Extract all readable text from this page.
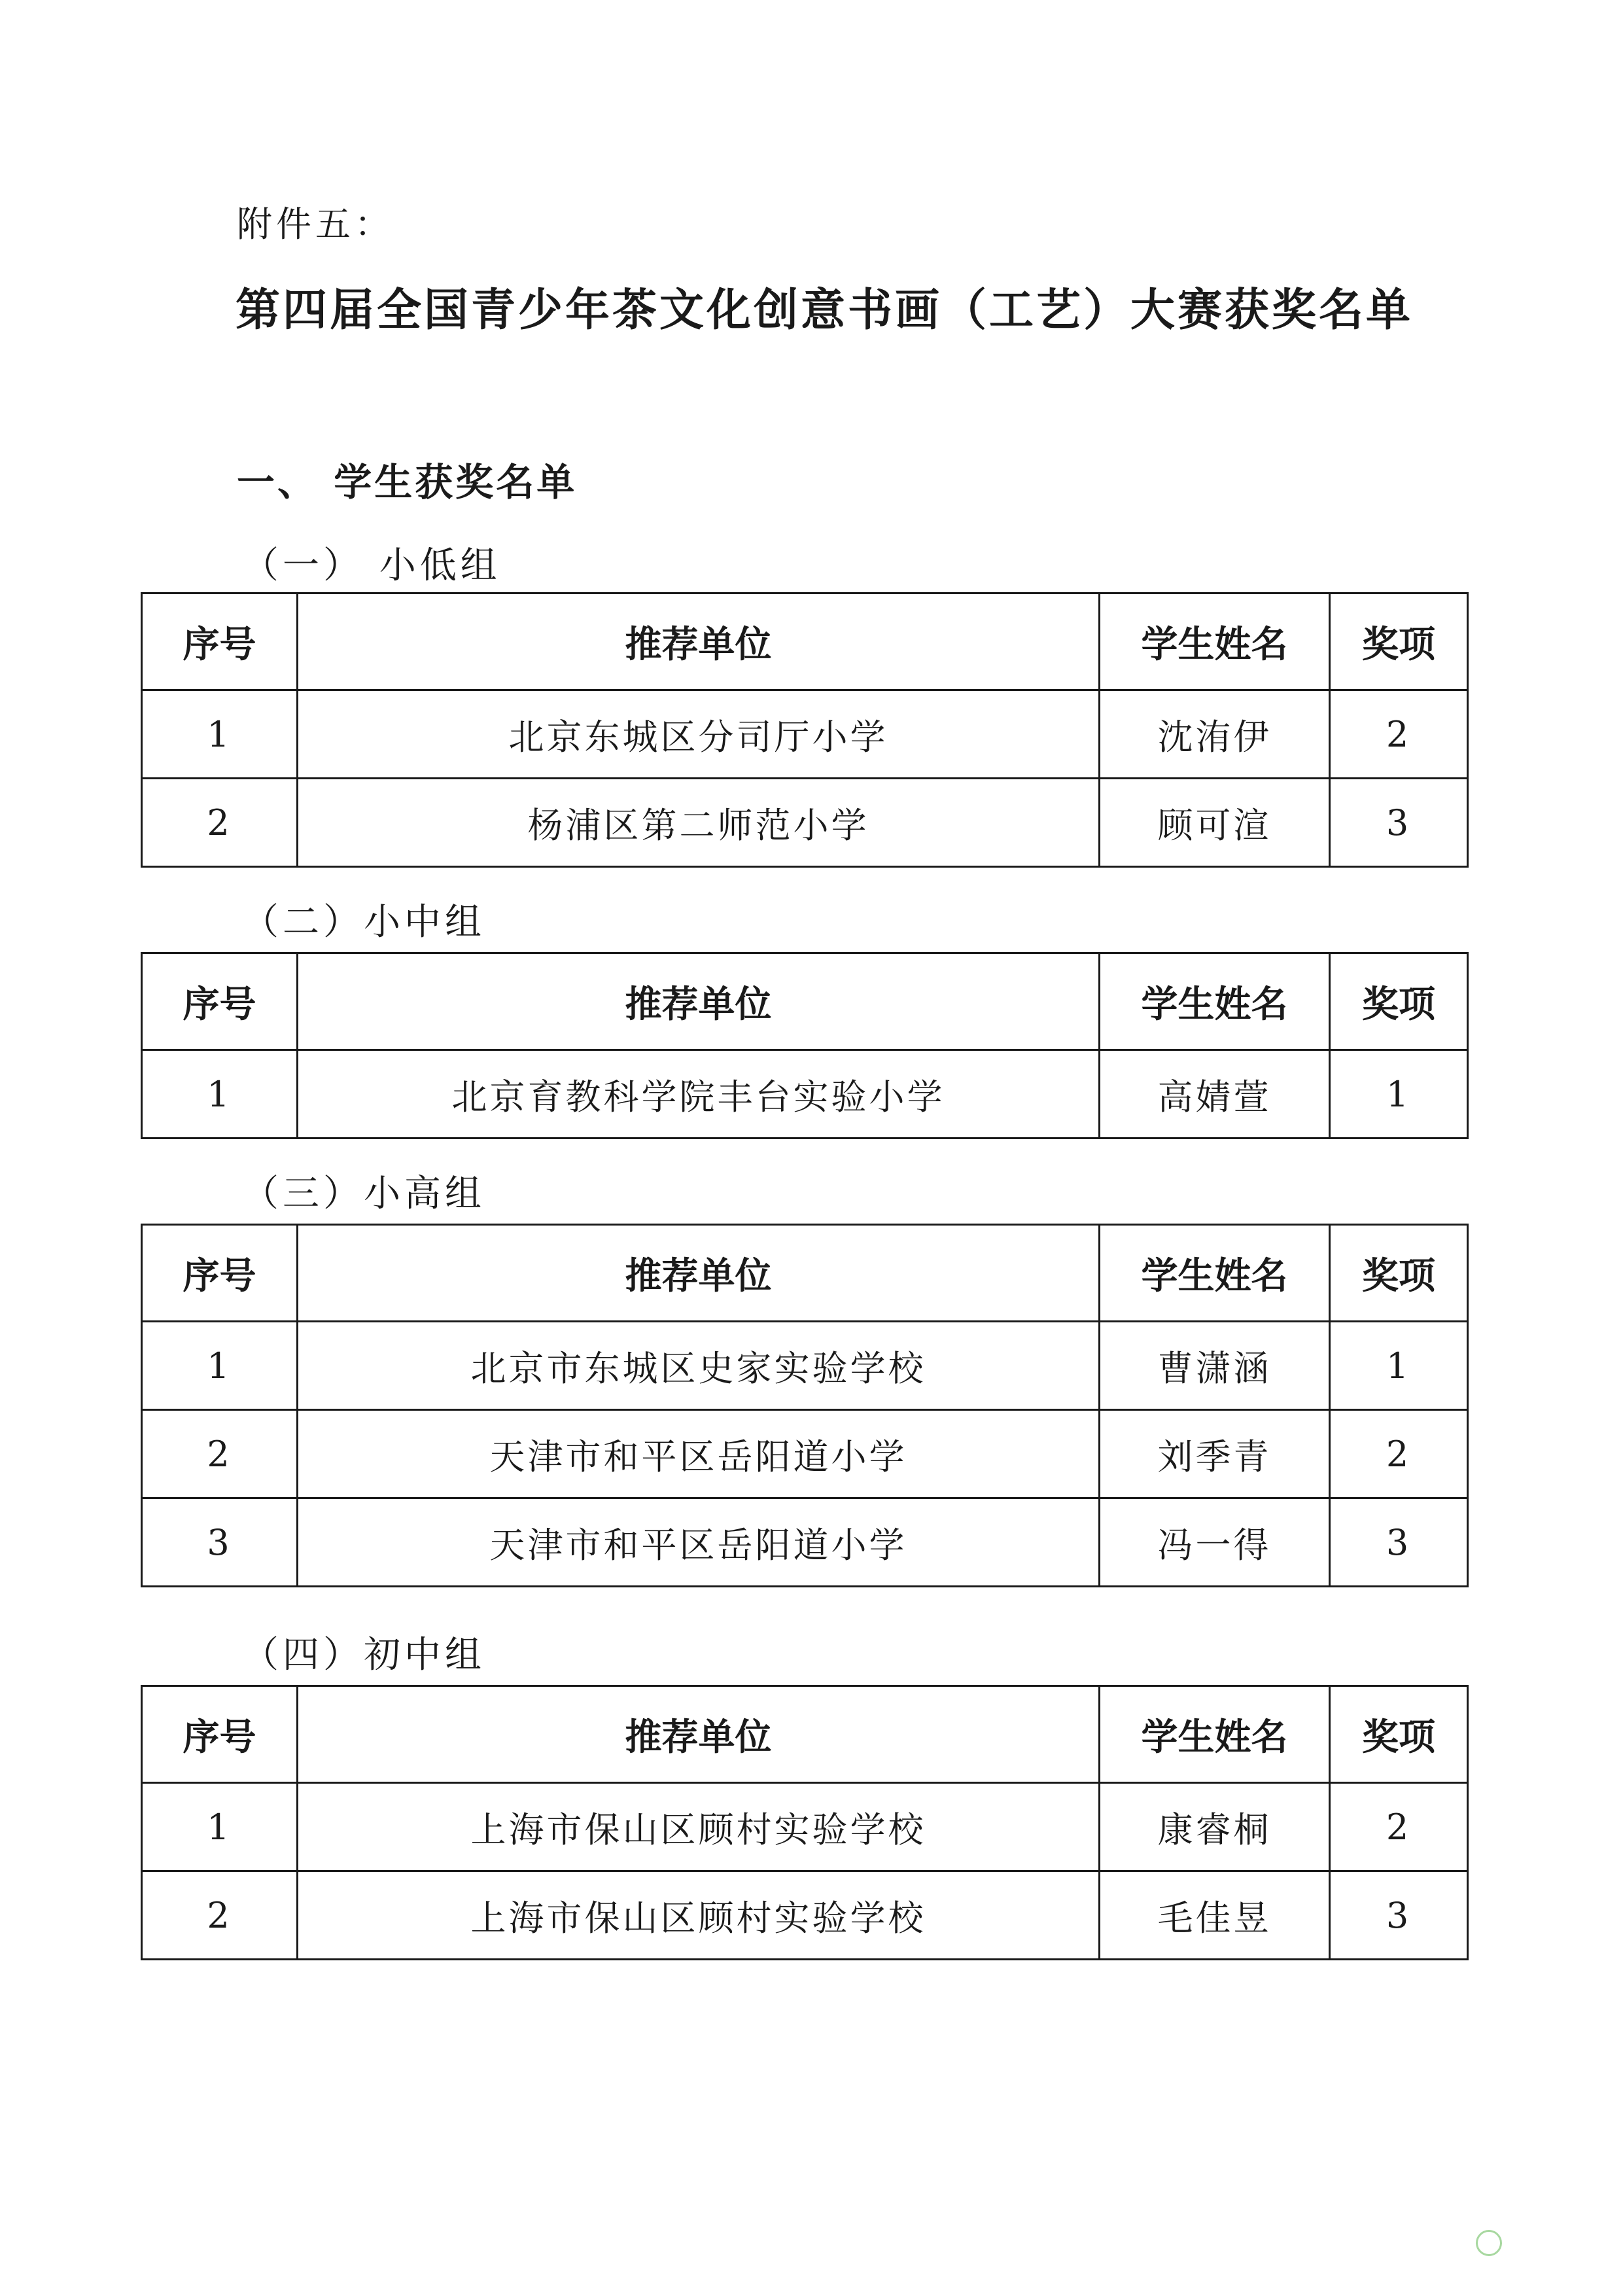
附件五：
第四届全国青少年茶文化创意书画（工艺）大赛获奖名单
一、 学生获奖名单
（一） 小低组
序号	推荐单位	学生姓名	奖项
1	北京东城区分司厅小学	沈洧伊	2
2	杨浦区第二师范小学	顾可渲	3
（二）小中组
序号	推荐单位	学生姓名	奖项
1	北京育教科学院丰台实验小学	高婧萱	1
（三）小高组
序号	推荐单位	学生姓名	奖项
1	北京市东城区史家实验学校	曹潇涵	1
2	天津市和平区岳阳道小学	刘季青	2
3	天津市和平区岳阳道小学	冯一得	3
（四）初中组
序号	推荐单位	学生姓名	奖项
1	上海市保山区顾村实验学校	康睿桐	2
2	上海市保山区顾村实验学校	毛佳昱	3
